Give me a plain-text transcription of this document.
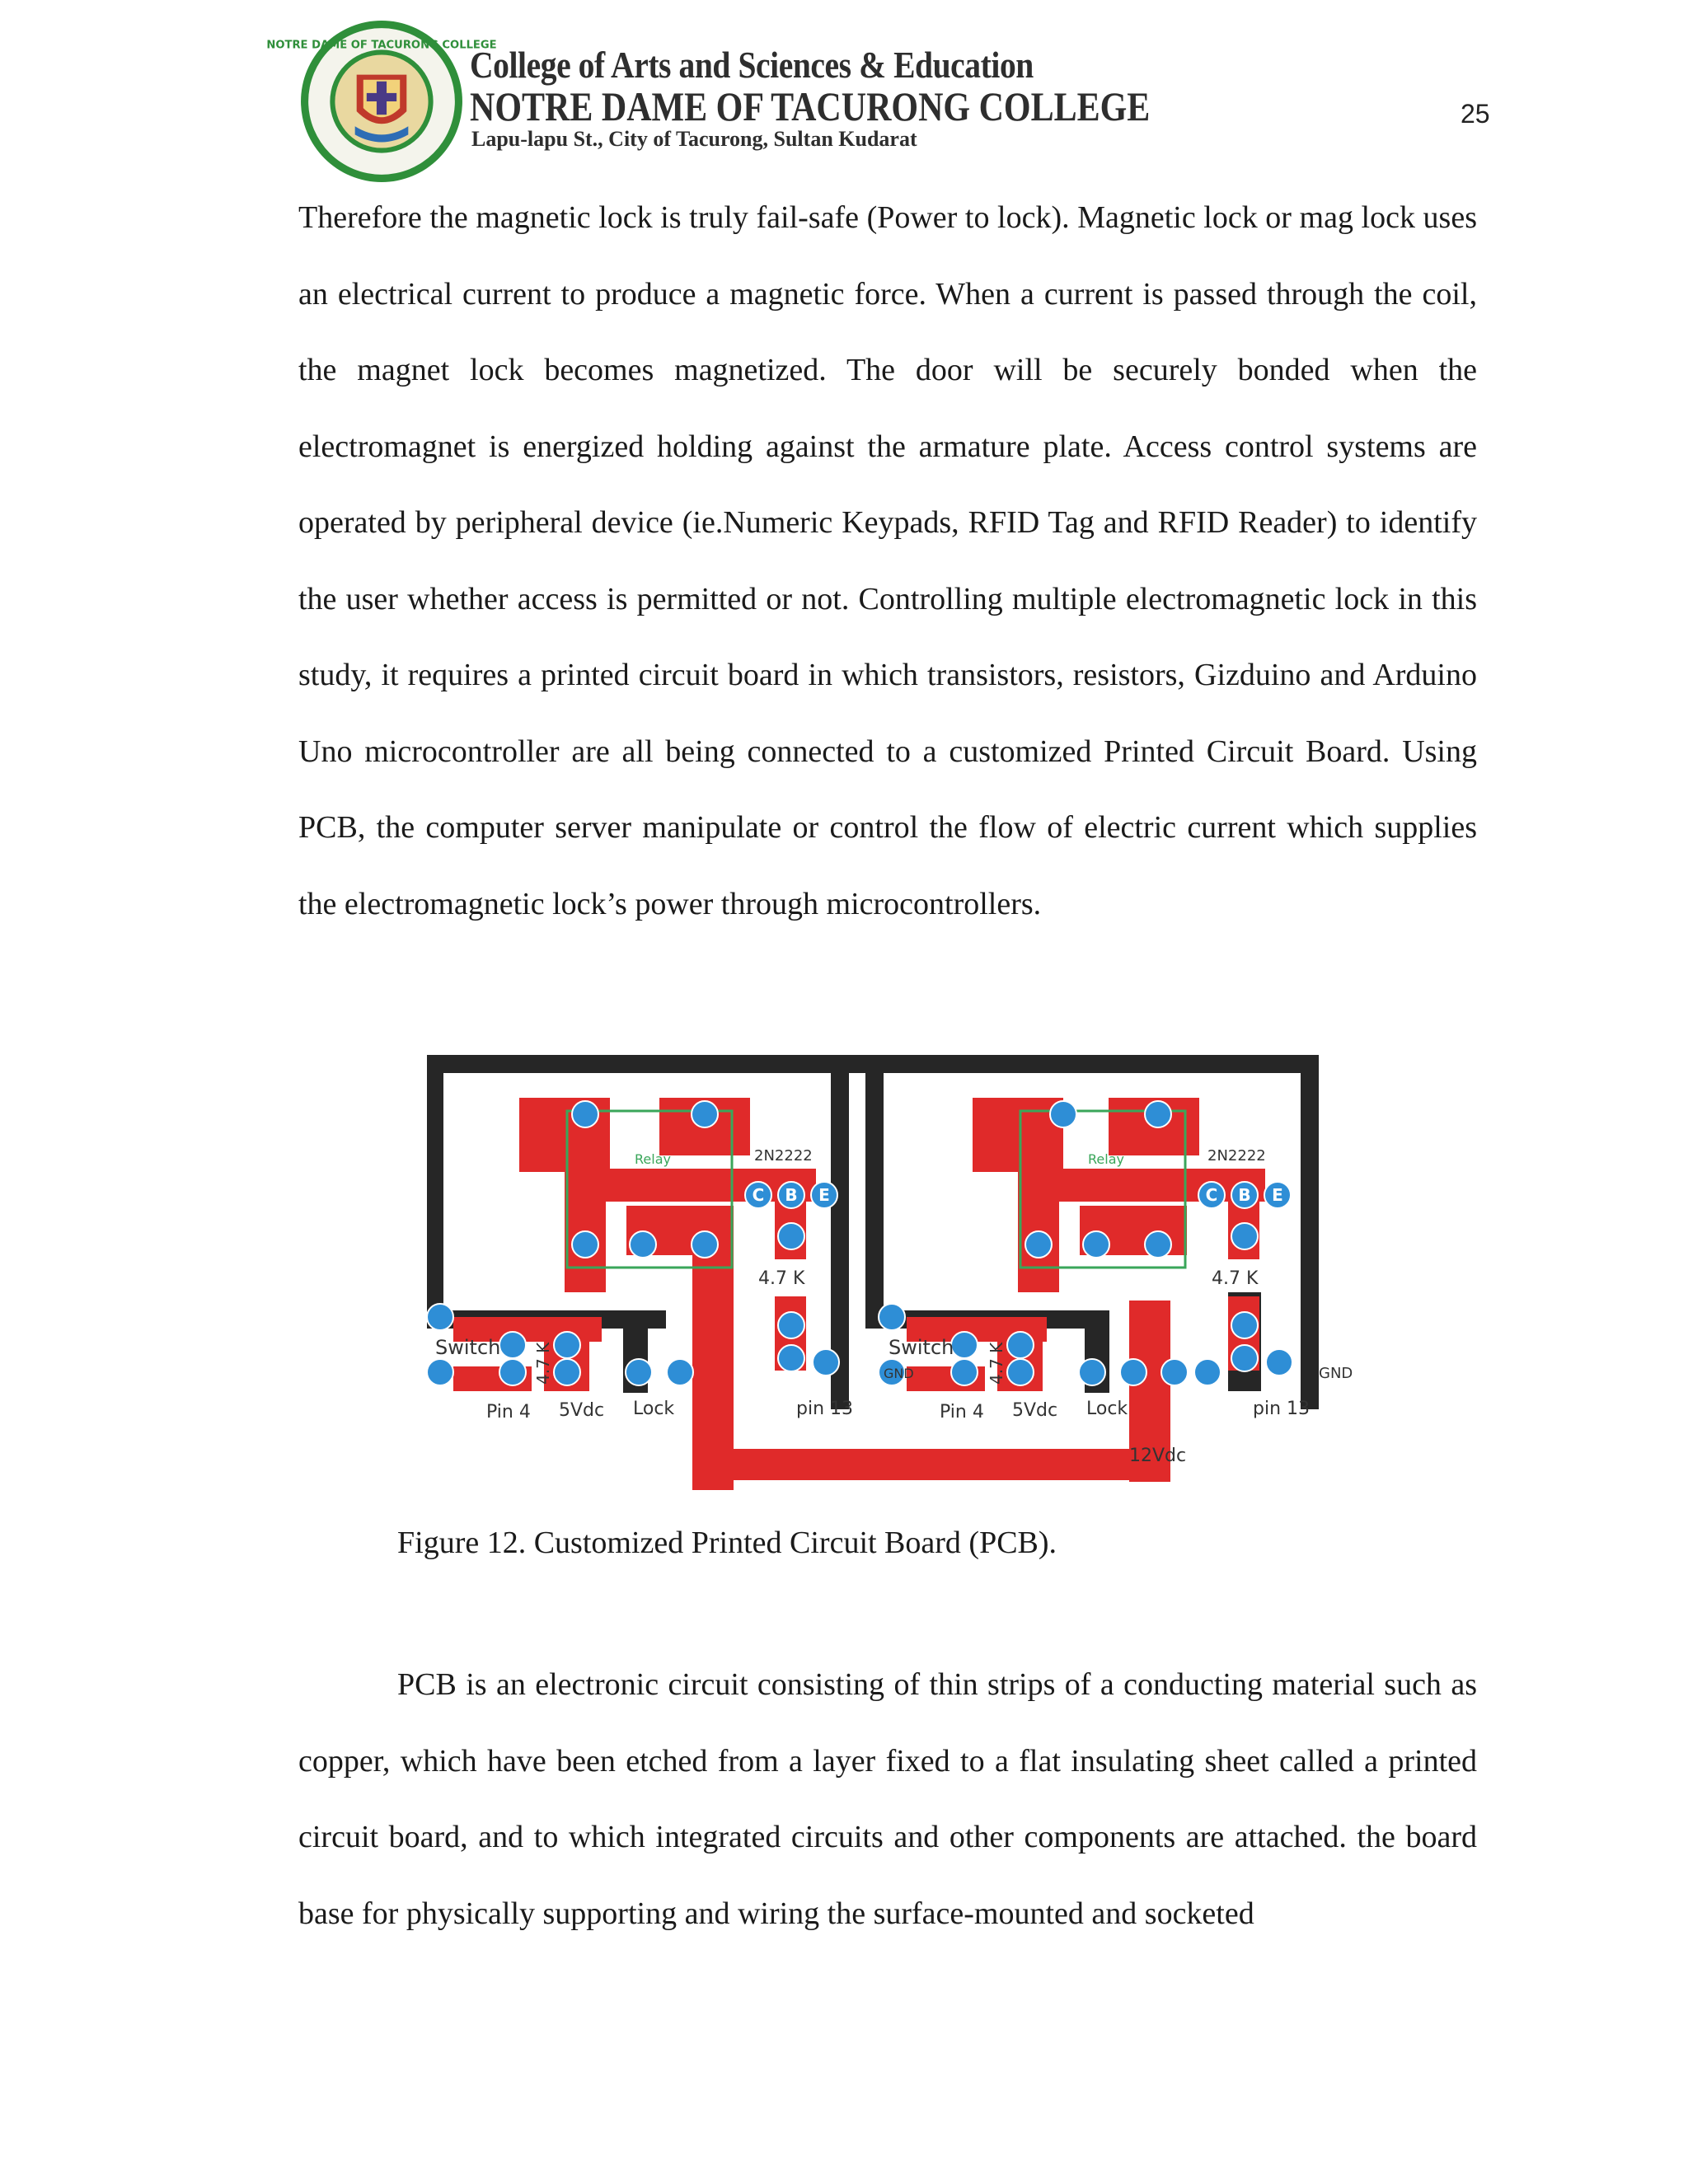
NOTRE DAME OF TACURONG COLLEGE
College of Arts and Sciences & Education
NOTRE DAME OF TACURONG COLLEGE
Lapu-lapu St., City of Tacurong, Sultan Kudarat
25

Therefore the magnetic lock is truly fail-safe (Power to lock). Magnetic lock or mag lock uses an electrical current to produce a magnetic force. When a current is passed through the coil, the magnet lock becomes magnetized. The door will be securely bonded when the electromagnet is energized holding against the armature plate. Access control systems are operated by peripheral device (ie.Numeric Keypads, RFID Tag and RFID Reader) to identify the user whether access is permitted or not. Controlling multiple electromagnetic lock in this study, it requires a printed circuit board in which transistors, resistors, Gizduino and Arduino Uno microcontroller are all being connected to a customized Printed Circuit Board. Using PCB, the computer server manipulate or control the flow of electric current which supplies the electromagnetic lock’s power through microcontrollers.

C B E	C B E
Relay	Relay
2N2222	2N2222
4.7 K	4.7 K
Switch	Switch
Pin 4	Pin 4
5Vdc	5Vdc
Lock	Lock
pin 13	pin 13
GND
GND
12Vdc
4.7 K	4.7 K
Figure 12. Customized Printed Circuit Board (PCB).

PCB is an electronic circuit consisting of thin strips of a conducting material such as copper, which have been etched from a layer fixed to a flat insulating sheet called a printed circuit board, and to which integrated circuits and other components are attached. the board base for physically supporting and wiring the surface-mounted and socketed
